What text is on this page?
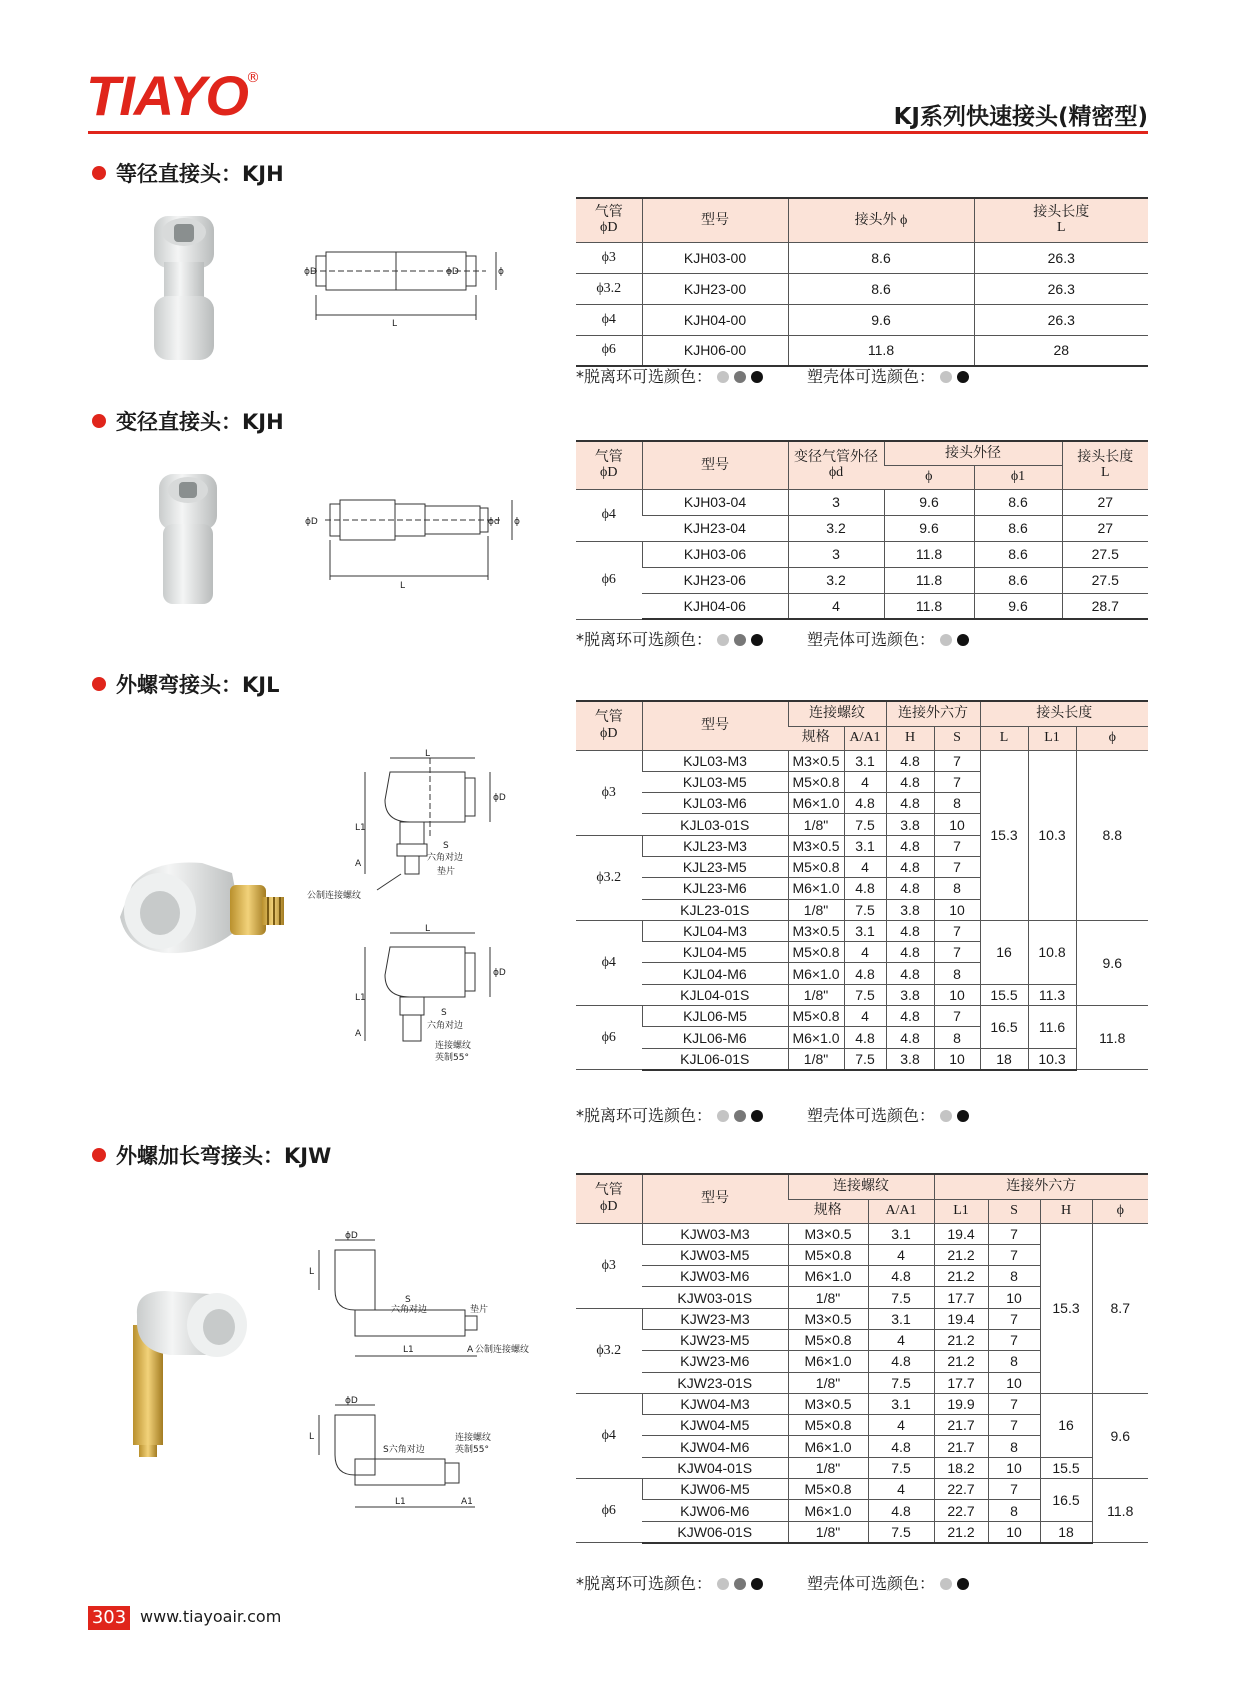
TIAYO
®
KJ系列快速接头(精密型)
等径直接头：KJH
ϕD	ϕD	ϕ
L
气管
ϕD	型号	接头外 ϕ	接头长度
L
ϕ3	KJH03-00	8.6	26.3
ϕ3.2	KJH23-00	8.6	26.3
ϕ4	KJH04-00	9.6	26.3
ϕ6	KJH06-00	11.8	28
*脱离环可选颜色：	塑壳体可选颜色：
变径直接头：KJH
ϕD	ϕd ϕ
L
气管
ϕD	型号	变径气管外径
ϕd	接头外径		接头长度
L
			ϕ	ϕ1	
ϕ4	KJH03-04	3	9.6	8.6	27
	KJH23-04	3.2	9.6	8.6	27
ϕ6	KJH03-06	3	11.8	8.6	27.5
	KJH23-06	3.2	11.8	8.6	27.5
	KJH04-06	4	11.8	9.6	28.7
*脱离环可选颜色：	塑壳体可选颜色：
外螺弯接头：KJL
L
ϕD
L1
A
S
六角对边
垫片
公制连接螺纹
L
ϕD
L1
A
S
六角对边
连接螺纹
英制55°
气管
ϕD	型号	连接螺纹		连接外六方		接头长度		
		规格	A/A1	H	S	L	L1	ϕ
ϕ3	KJL03-M3	M3×0.5	3.1	4.8	7	15.3	10.3	8.8
	KJL03-M5	M5×0.8	4	4.8	7			
	KJL03-M6	M6×1.0	4.8	4.8	8			
	KJL03-01S	1/8"	7.5	3.8	10			
ϕ3.2	KJL23-M3	M3×0.5	3.1	4.8	7			
	KJL23-M5	M5×0.8	4	4.8	7			
	KJL23-M6	M6×1.0	4.8	4.8	8			
	KJL23-01S	1/8"	7.5	3.8	10			
ϕ4	KJL04-M3	M3×0.5	3.1	4.8	7	16	10.8	9.6
	KJL04-M5	M5×0.8	4	4.8	7			
	KJL04-M6	M6×1.0	4.8	4.8	8			
	KJL04-01S	1/8"	7.5	3.8	10	15.5	11.3	
ϕ6	KJL06-M5	M5×0.8	4	4.8	7	16.5	11.6	11.8
	KJL06-M6	M6×1.0	4.8	4.8	8			
	KJL06-01S	1/8"	7.5	3.8	10	18	10.3	
*脱离环可选颜色：	塑壳体可选颜色：
外螺加长弯接头：KJW
ϕD
L
S
六角对边	垫片
L1	A 公制连接螺纹
ϕD
L
S六角对边
连接螺纹
英制55°
L1	A1
气管
ϕD	型号	连接螺纹		连接外六方			
		规格	A/A1	L1	S	H	ϕ
ϕ3	KJW03-M3	M3×0.5	3.1	19.4	7	15.3	8.7
	KJW03-M5	M5×0.8	4	21.2	7		
	KJW03-M6	M6×1.0	4.8	21.2	8		
	KJW03-01S	1/8"	7.5	17.7	10		
ϕ3.2	KJW23-M3	M3×0.5	3.1	19.4	7		
	KJW23-M5	M5×0.8	4	21.2	7		
	KJW23-M6	M6×1.0	4.8	21.2	8		
	KJW23-01S	1/8"	7.5	17.7	10		
ϕ4	KJW04-M3	M3×0.5	3.1	19.9	7	16	9.6
	KJW04-M5	M5×0.8	4	21.7	7		
	KJW04-M6	M6×1.0	4.8	21.7	8		
	KJW04-01S	1/8"	7.5	18.2	10	15.5	
ϕ6	KJW06-M5	M5×0.8	4	22.7	7	16.5	11.8
	KJW06-M6	M6×1.0	4.8	22.7	8		
	KJW06-01S	1/8"	7.5	21.2	10	18	
*脱离环可选颜色：	塑壳体可选颜色：
303 www.tiayoair.com
